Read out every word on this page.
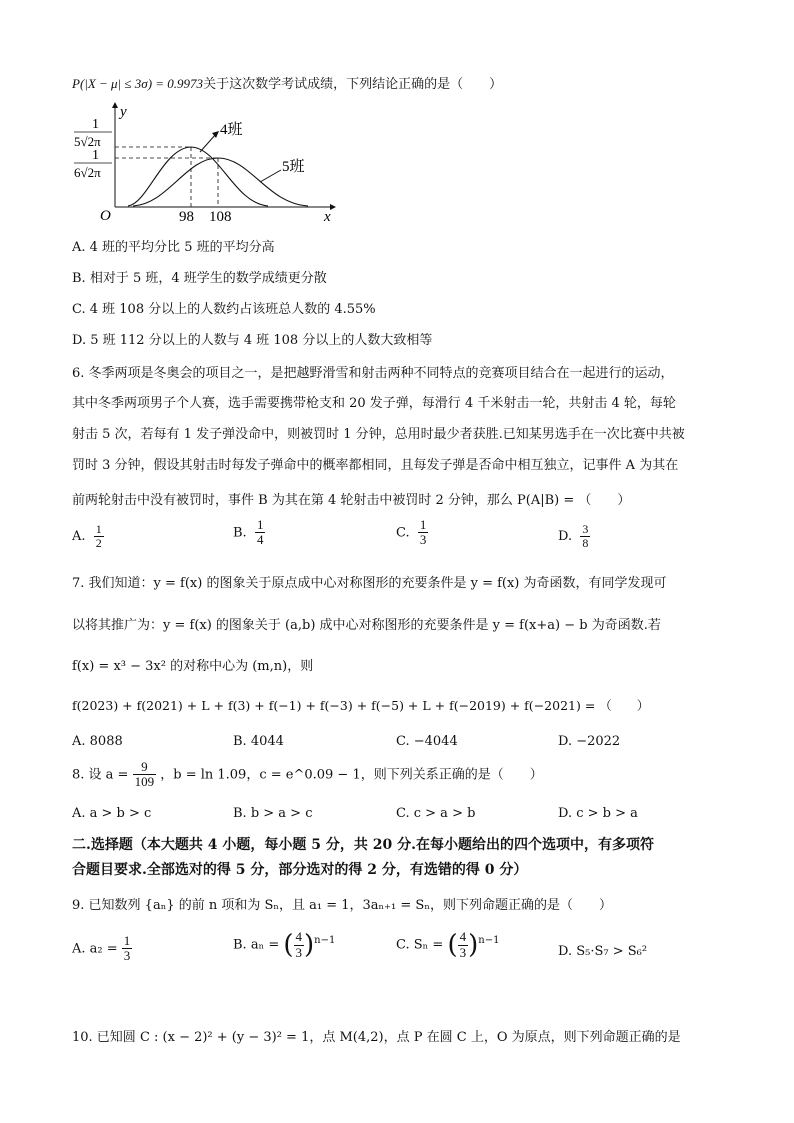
P(|X − μ| ≤ 3σ) = 0.9973关于这次数学考试成绩，下列结论正确的是（　　）
y
x
O	98 108
4班
5班
1
5√2π
1
6√2π
A. 4 班的平均分比 5 班的平均分高
B. 相对于 5 班，4 班学生的数学成绩更分散
C. 4 班 108 分以上的人数约占该班总人数的 4.55%
D. 5 班 112 分以上的人数与 4 班 108 分以上的人数大致相等
6. 冬季两项是冬奥会的项目之一，是把越野滑雪和射击两种不同特点的竞赛项目结合在一起进行的运动，
其中冬季两项男子个人赛，选手需要携带枪支和 20 发子弹，每滑行 4 千米射击一轮，共射击 4 轮，每轮
射击 5 次，若每有 1 发子弹没命中，则被罚时 1 分钟，总用时最少者获胜.已知某男选手在一次比赛中共被
罚时 3 分钟，假设其射击时每发子弹命中的概率都相同，且每发子弹是否命中相互独立，记事件 A 为其在
前两轮射击中没有被罚时，事件 B 为其在第 4 轮射击中被罚时 2 分钟，那么 P(A|B) = （　　）
A. $\frac{1}{2}$	B. $\frac{1}{4}$	C. $\frac{1}{3}$	D. $\frac{3}{8}$
7. 我们知道：y = f(x) 的图象关于原点成中心对称图形的充要条件是 y = f(x) 为奇函数，有同学发现可
以将其推广为：y = f(x) 的图象关于 (a,b) 成中心对称图形的充要条件是 y = f(x+a) − b 为奇函数.若
f(x) = x³ − 3x² 的对称中心为 (m,n)，则
f(2023) + f(2021) + L + f(3) + f(−1) + f(−3) + f(−5) + L + f(−2019) + f(−2021) = （　　）
A. 8088	B. 4044	C. −4044	D. −2022
8. 设 $a = \frac{9}{109}$ ，b = ln 1.09，c = e^0.09 − 1，则下列关系正确的是（　　）
A. a > b > c	B. b > a > c	C. c > a > b	D. c > b > a
二.选择题（本大题共 4 小题，每小题 5 分，共 20 分.在每小题给出的四个选项中，有多项符
合题目要求.全部选对的得 5 分，部分选对的得 2 分，有选错的得 0 分）
9. 已知数列 {aₙ} 的前 n 项和为 Sₙ，且 a₁ = 1，3aₙ₊₁ = Sₙ，则下列命题正确的是（　　）
A. $a_2 = \frac{1}{3}$	B. aₙ = ( $\frac{4}{3} )^{n-1}$	C. Sₙ = ( $\frac{4}{3} )^{n-1}$
D. S₅·S₇ > S₆²
10. 已知圆 C : (x − 2)² + (y − 3)² = 1，点 M(4,2)，点 P 在圆 C 上，O 为原点，则下列命题正确的是
